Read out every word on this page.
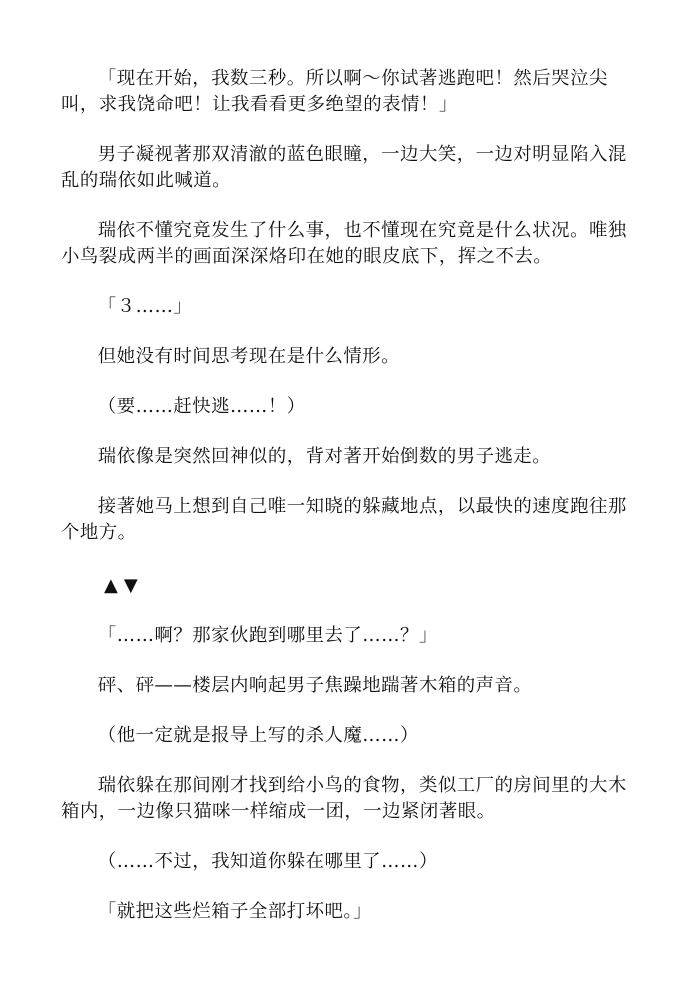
「现在开始，我数三秒。所以啊～你试著逃跑吧！然后哭泣尖叫，求我饶命吧！让我看看更多绝望的表情！」

男子凝视著那双清澈的蓝色眼瞳，一边大笑，一边对明显陷入混乱的瑞依如此喊道。

瑞依不懂究竟发生了什么事，也不懂现在究竟是什么状况。唯独小鸟裂成两半的画面深深烙印在她的眼皮底下，挥之不去。

「３……」

但她没有时间思考现在是什么情形。

（要……赶快逃……！）

瑞依像是突然回神似的，背对著开始倒数的男子逃走。

接著她马上想到自己唯一知晓的躲藏地点，以最快的速度跑往那个地方。

▲▼

「……啊？那家伙跑到哪里去了……？」

砰、砰——楼层内响起男子焦躁地踹著木箱的声音。

（他一定就是报导上写的杀人魔……）

瑞依躲在那间刚才找到给小鸟的食物，类似工厂的房间里的大木箱内，一边像只猫咪一样缩成一团，一边紧闭著眼。

（……不过，我知道你躲在哪里了……）

「就把这些烂箱子全部打坏吧。」
